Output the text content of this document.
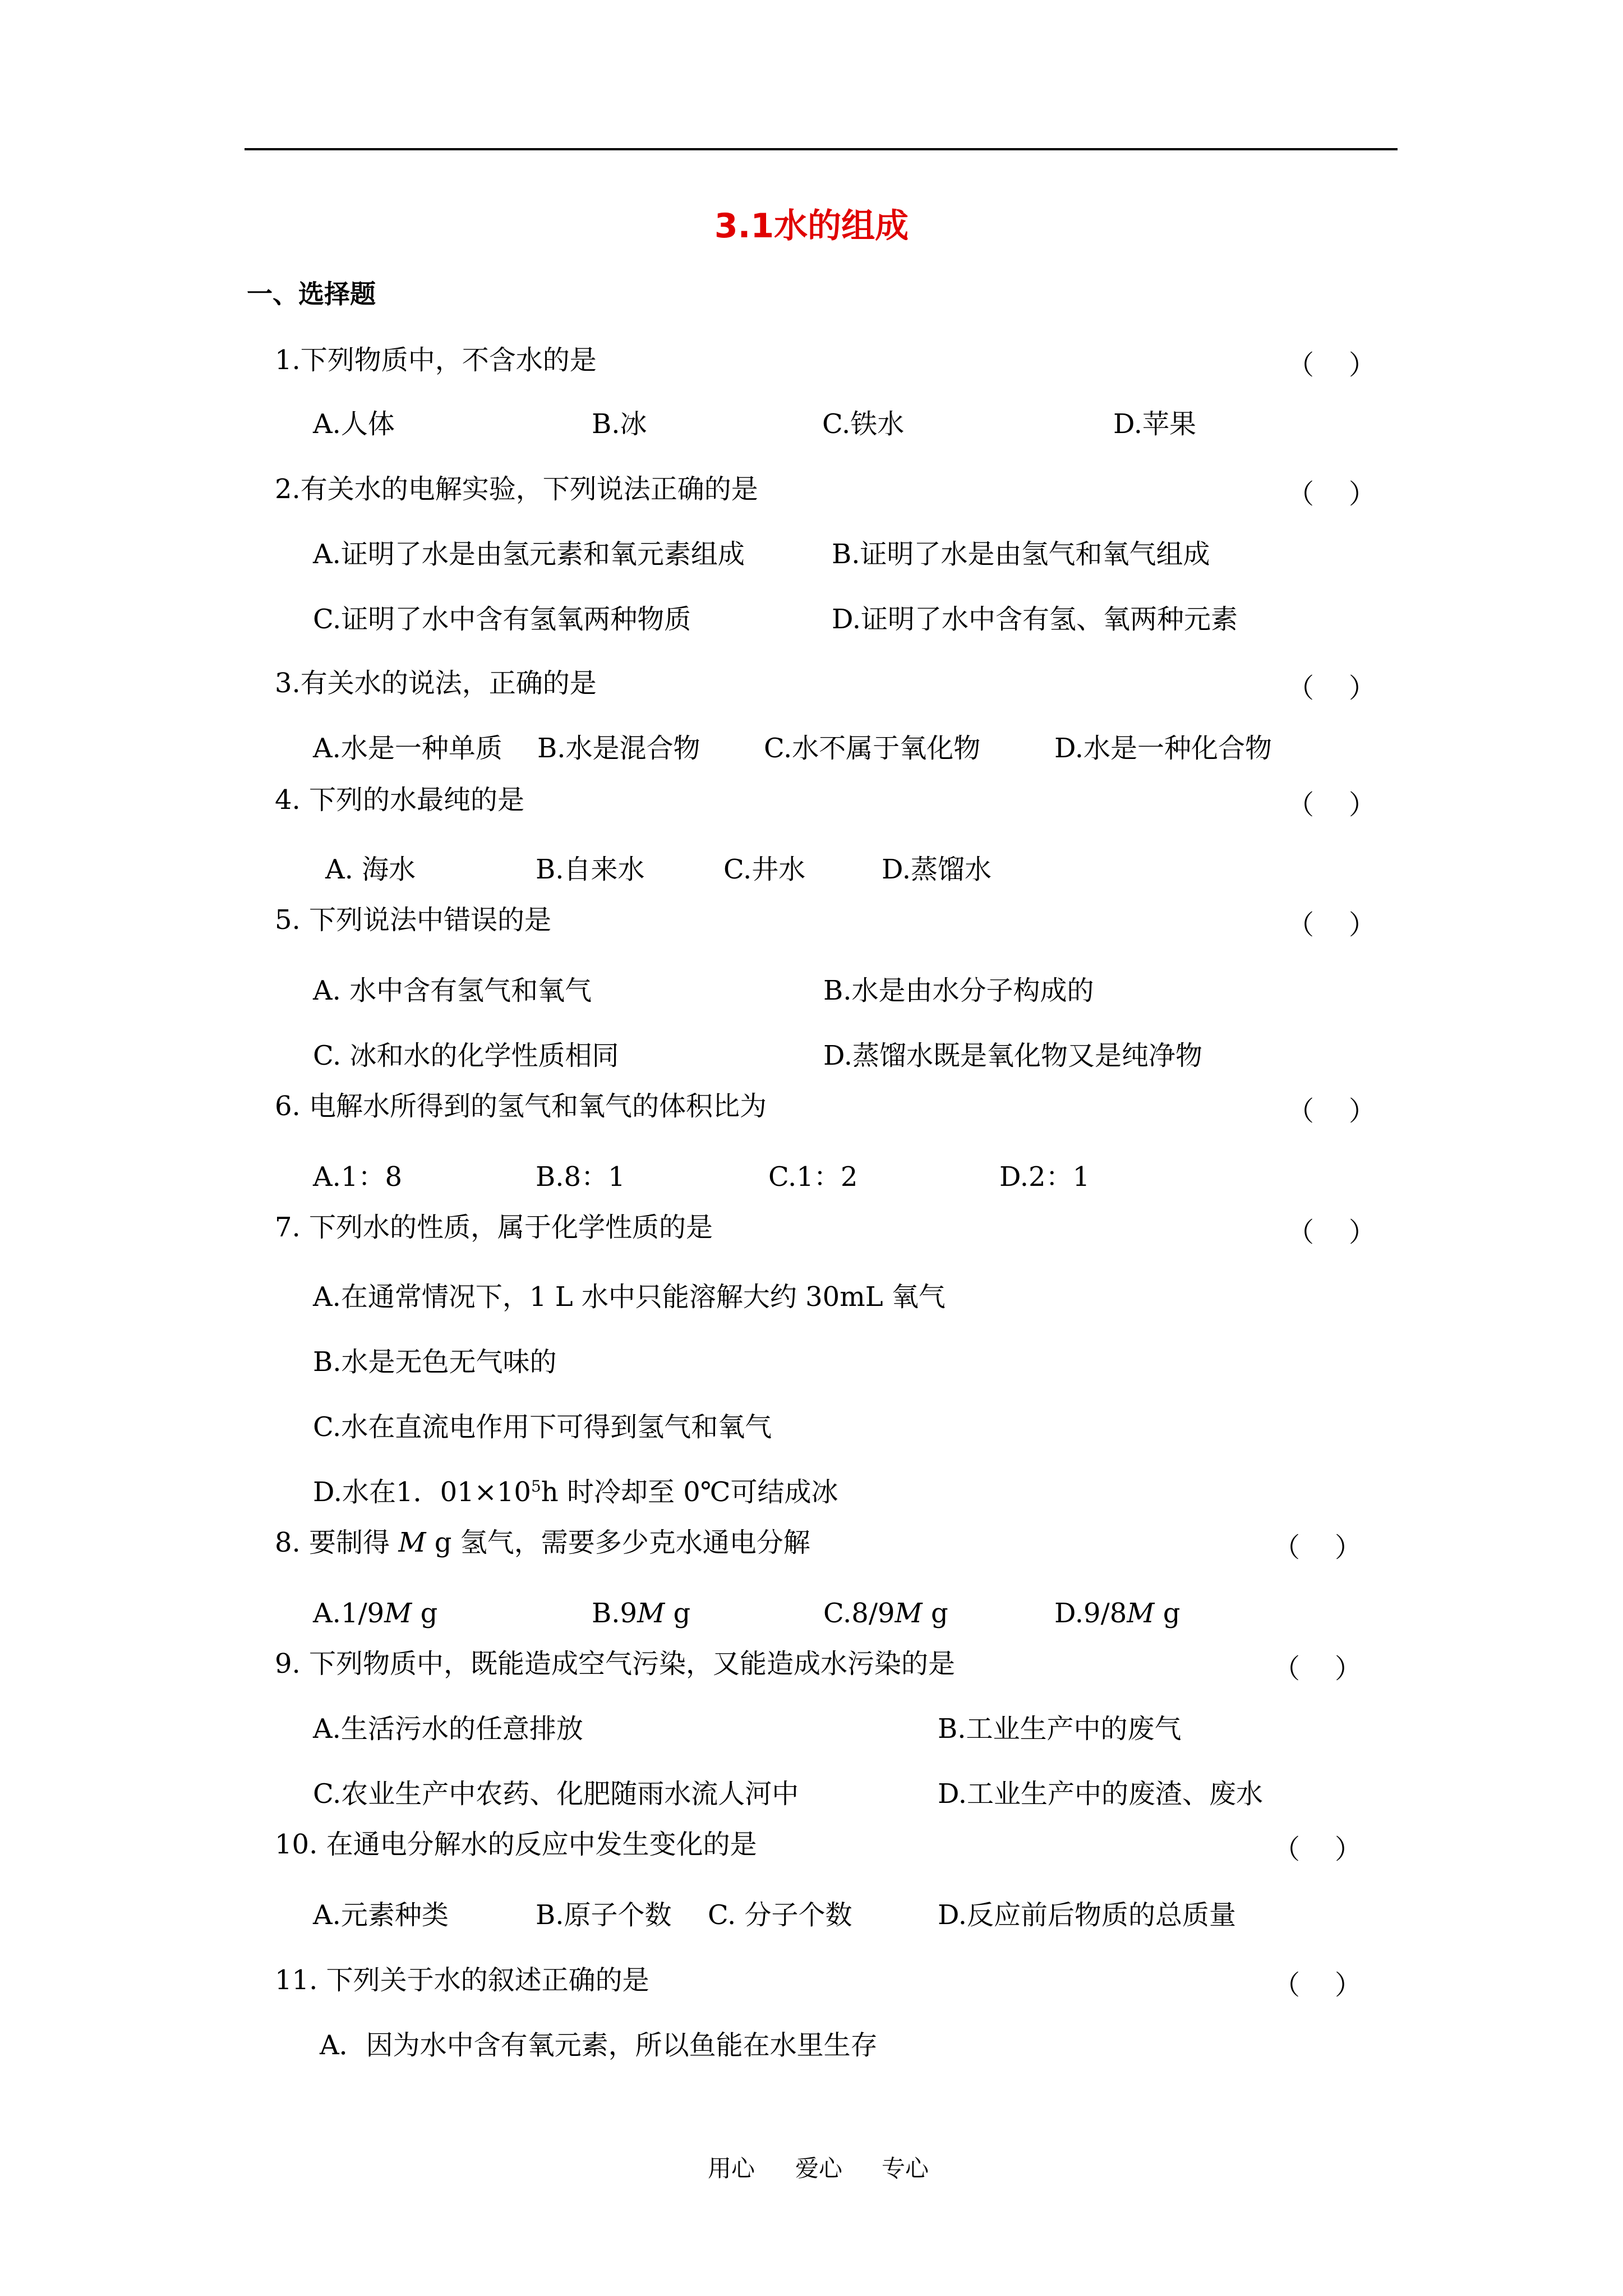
3.1水的组成
一、选择题
1.下列物质中，不含水的是	（）
A.人体	B.冰	C.铁水	D.苹果
2.有关水的电解实验，下列说法正确的是	（）
A.证明了水是由氢元素和氧元素组成	B.证明了水是由氢气和氧气组成
C.证明了水中含有氢氧两种物质	D.证明了水中含有氢、氧两种元素
3.有关水的说法，正确的是	（）
A.水是一种单质 B.水是混合物 C.水不属于氧化物	D.水是一种化合物
4. 下列的水最纯的是	（）
A. 海水	B.自来水	C.井水	D.蒸馏水
5. 下列说法中错误的是	（）
A. 水中含有氢气和氧气	B.水是由水分子构成的
C. 冰和水的化学性质相同	D.蒸馏水既是氧化物又是纯净物
6. 电解水所得到的氢气和氧气的体积比为	（）
A.1：8	B.8：1	C.1：2	D.2：1
7. 下列水的性质，属于化学性质的是	（）
A.在通常情况下，1 L 水中只能溶解大约 30mL 氧气
B.水是无色无气味的
C.水在直流电作用下可得到氢气和氧气
D.水在1．$01\times 10^5h$ 时冷却至 0℃可结成冰
8. 要制得 M g 氢气，需要多少克水通电分解	（）
A.1/9M g	B.9M g	C.8/9M g	D.9/8M g
9. 下列物质中，既能造成空气污染，又能造成水污染的是	（）
A.生活污水的任意排放	B.工业生产中的废气
C.农业生产中农药、化肥随雨水流人河中	D.工业生产中的废渣、废水
10. 在通电分解水的反应中发生变化的是	（）
A.元素种类	B.原子个数 C. 分子个数	D.反应前后物质的总质量
11. 下列关于水的叙述正确的是	（）
A．因为水中含有氧元素，所以鱼能在水里生存
用心 爱心 专心
